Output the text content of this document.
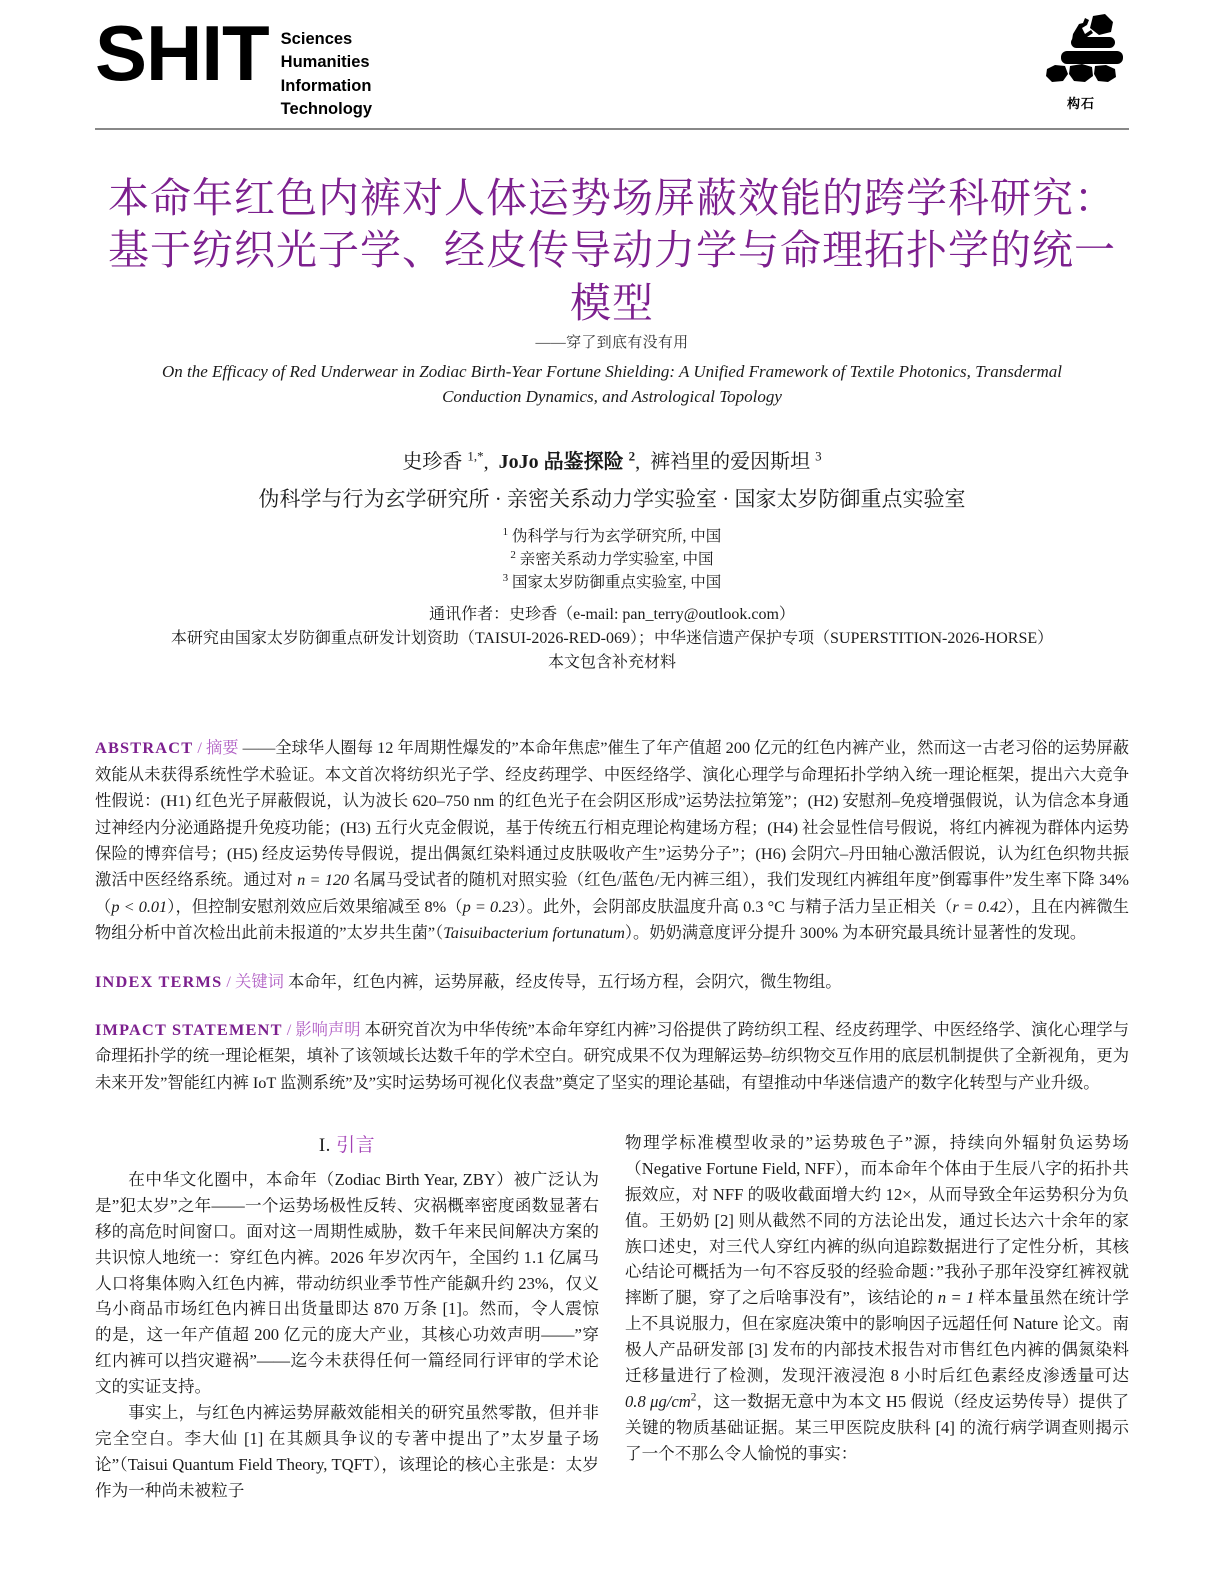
SHIT Sciences
Humanities
Information
Technology	构石
本命年红色内裤对人体运势场屏蔽效能的跨学科研究：基于纺织光子学、经皮传导动力学与命理拓扑学的统一模型
——穿了到底有没有用
On the Efficacy of Red Underwear in Zodiac Birth-Year Fortune Shielding: A Unified Framework of Textile Photonics, Transdermal Conduction Dynamics, and Astrological Topology
史珍香 $^{1,*}$,  JoJo 品鉴探险 $^2$,  裤裆里的爱因斯坦 $^3$
伪科学与行为玄学研究所 · 亲密关系动力学实验室 · 国家太岁防御重点实验室
$^1$ 伪科学与行为玄学研究所, 中国
$^2$ 亲密关系动力学实验室, 中国
$^3$ 国家太岁防御重点实验室, 中国
通讯作者：史珍香（e-mail: pan_terry@outlook.com）
本研究由国家太岁防御重点研发计划资助（TAISUI-2026-RED-069）；中华迷信遗产保护专项（SUPERSTITION-2026-HORSE）
本文包含补充材料

ABSTRACT / 摘要 ——全球华人圈每 12 年周期性爆发的”本命年焦虑”催生了年产值超 200 亿元的红色内裤产业，然而这一古老习俗的运势屏蔽效能从未获得系统性学术验证。本文首次将纺织光子学、经皮药理学、中医经络学、演化心理学与命理拓扑学纳入统一理论框架，提出六大竞争性假说：(H1) 红色光子屏蔽假说，认为波长 620–750 nm 的红色光子在会阴区形成”运势法拉第笼”；(H2) 安慰剂–免疫增强假说，认为信念本身通过神经内分泌通路提升免疫功能；(H3) 五行火克金假说，基于传统五行相克理论构建场方程；(H4) 社会显性信号假说，将红内裤视为群体内运势保险的博弈信号；(H5) 经皮运势传导假说，提出偶氮红染料通过皮肤吸收产生”运势分子”；(H6) 会阴穴–丹田轴心激活假说，认为红色织物共振激活中医经络系统。通过对 n = 120 名属马受试者的随机对照实验（红色/蓝色/无内裤三组），我们发现红内裤组年度”倒霉事件”发生率下降 34%（p < 0.01），但控制安慰剂效应后效果缩减至 8%（p = 0.23）。此外，会阴部皮肤温度升高 0.3 °C 与精子活力呈正相关（r = 0.42），且在内裤微生物组分析中首次检出此前未报道的”太岁共生菌”（Taisuibacterium fortunatum）。奶奶满意度评分提升 300% 为本研究最具统计显著性的发现。

INDEX TERMS / 关键词 本命年，红色内裤，运势屏蔽，经皮传导，五行场方程，会阴穴，微生物组。

IMPACT STATEMENT / 影响声明 本研究首次为中华传统”本命年穿红内裤”习俗提供了跨纺织工程、经皮药理学、中医经络学、演化心理学与命理拓扑学的统一理论框架，填补了该领域长达数千年的学术空白。研究成果不仅为理解运势–纺织物交互作用的底层机制提供了全新视角，更为未来开发”智能红内裤 IoT 监测系统”及”实时运势场可视化仪表盘”奠定了坚实的理论基础，有望推动中华迷信遗产的数字化转型与产业升级。

I. 引言

在中华文化圈中，本命年（Zodiac Birth Year, ZBY）被广泛认为是”犯太岁”之年——一个运势场极性反转、灾祸概率密度函数显著右移的高危时间窗口。面对这一周期性威胁，数千年来民间解决方案的共识惊人地统一：穿红色内裤。2026 年岁次丙午，全国约 1.1 亿属马人口将集体购入红色内裤，带动纺织业季节性产能飙升约 23%，仅义乌小商品市场红色内裤日出货量即达 870 万条 [1]。然而，令人震惊的是，这一年产值超 200 亿元的庞大产业，其核心功效声明——”穿红内裤可以挡灾避祸”——迄今未获得任何一篇经同行评审的学术论文的实证支持。

事实上，与红色内裤运势屏蔽效能相关的研究虽然零散，但并非完全空白。李大仙 [1] 在其颇具争议的专著中提出了”太岁量子场论”（Taisui Quantum Field Theory, TQFT），该理论的核心主张是：太岁作为一种尚未被粒子

物理学标准模型收录的”运势玻色子”源，持续向外辐射负运势场（Negative Fortune Field, NFF），而本命年个体由于生辰八字的拓扑共振效应，对 NFF 的吸收截面增大约 12×，从而导致全年运势积分为负值。王奶奶 [2] 则从截然不同的方法论出发，通过长达六十余年的家族口述史，对三代人穿红内裤的纵向追踪数据进行了定性分析，其核心结论可概括为一句不容反驳的经验命题：”我孙子那年没穿红裤衩就摔断了腿，穿了之后啥事没有”，该结论的 n = 1 样本量虽然在统计学上不具说服力，但在家庭决策中的影响因子远超任何 Nature 论文。南极人产品研发部 [3] 发布的内部技术报告对市售红色内裤的偶氮染料迁移量进行了检测，发现汗液浸泡 8 小时后红色素经皮渗透量可达 0.8 $\mu g/cm^2$，这一数据无意中为本文 H5 假说（经皮运势传导）提供了关键的物质基础证据。某三甲医院皮肤科 [4] 的流行病学调查则揭示了一个不那么令人愉悦的事实：
